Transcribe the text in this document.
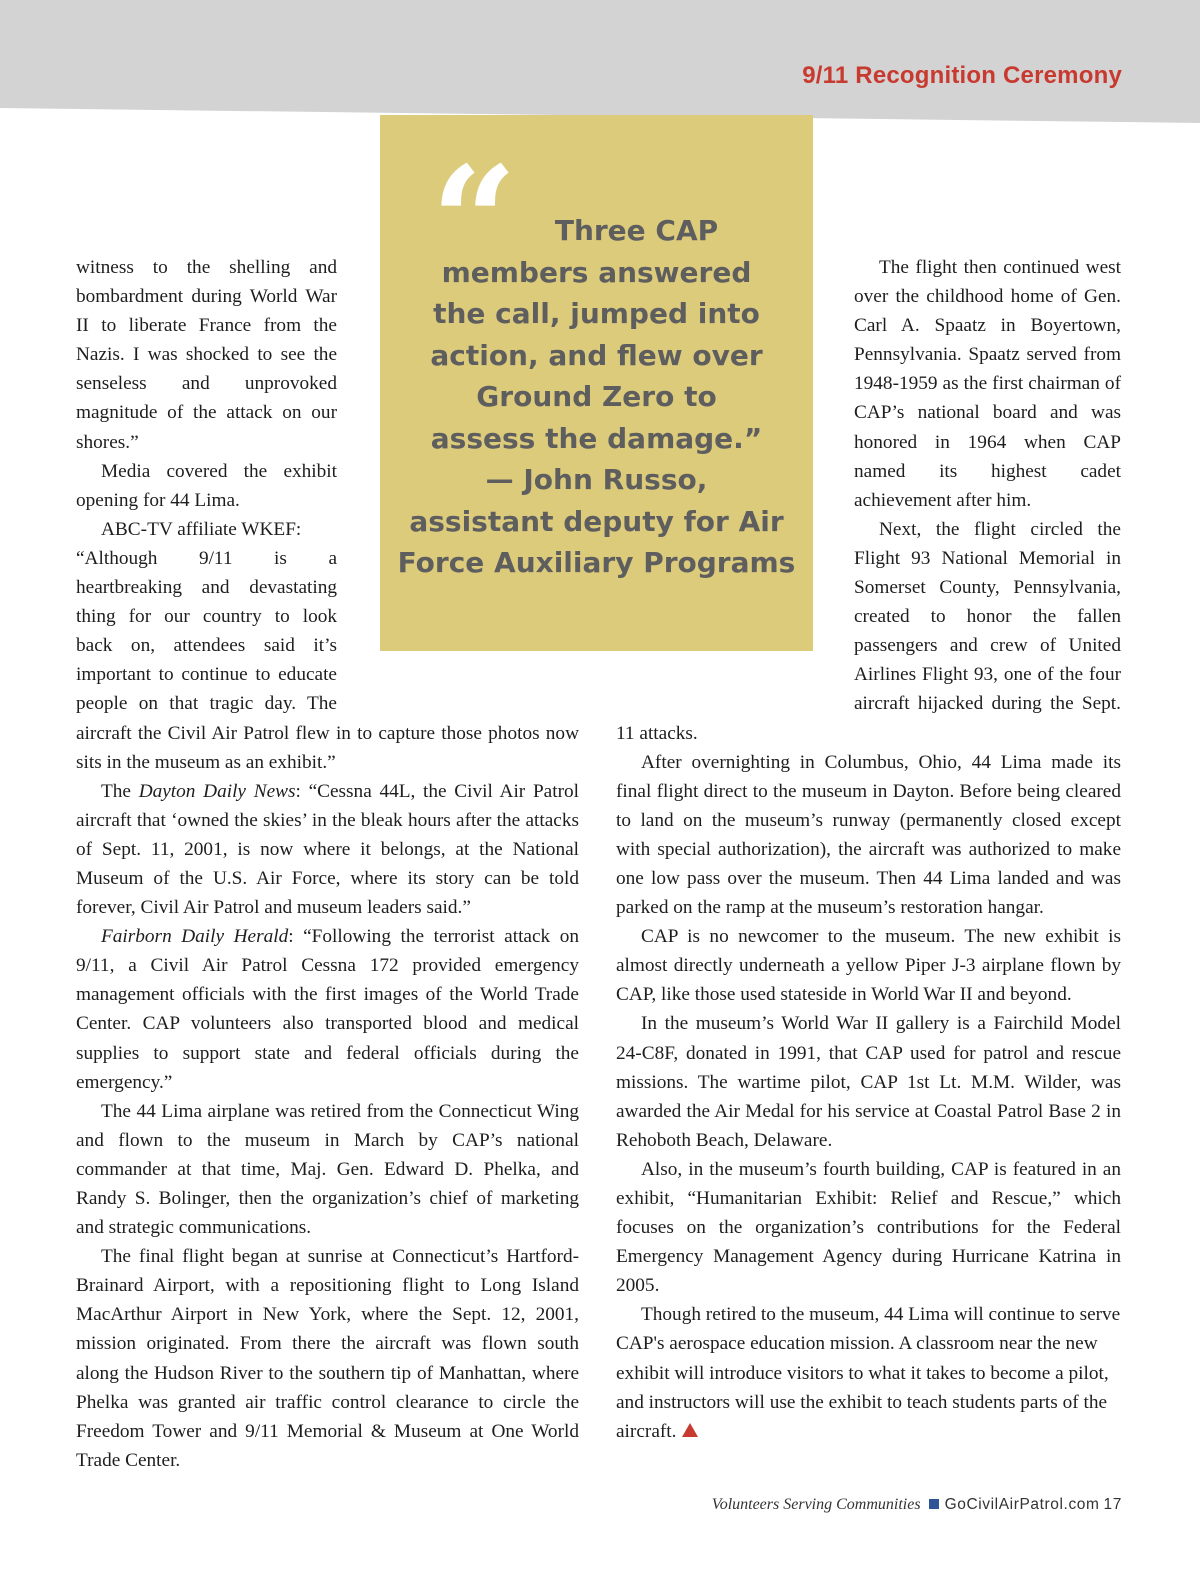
9/11 Recognition Ceremony
“	Three CAP
members answered
the call, jumped into
action, and flew over
Ground Zero to
assess the damage.”
— John Russo,
assistant deputy for Air
Force Auxiliary Programs

witness to the shelling and bombardment during World War II to liberate France from the Nazis. I was shocked to see the senseless and unprovoked magnitude of the attack on our shores.”

Media covered the exhibit opening for 44 Lima.

ABC-TV affiliate WKEF:

“Although 9/11 is a heartbreaking and devastating thing for our country to look back on, attendees said it’s important to continue to educate people on that tragic day. The aircraft the Civil Air Patrol flew in to capture those photos now sits in the museum as an exhibit.”

The Dayton Daily News: “Cessna 44L, the Civil Air Patrol aircraft that ‘owned the skies’ in the bleak hours after the attacks of Sept. 11, 2001, is now where it belongs, at the National Museum of the U.S. Air Force, where its story can be told forever, Civil Air Patrol and museum leaders said.”

Fairborn Daily Herald: “Following the terrorist attack on 9/11, a Civil Air Patrol Cessna 172 provided emergency management officials with the first images of the World Trade Center. CAP volunteers also transported blood and medical supplies to support state and federal officials during the emergency.”

The 44 Lima airplane was retired from the Connecticut Wing and flown to the museum in March by CAP’s national commander at that time, Maj. Gen. Edward D. Phelka, and Randy S. Bolinger, then the organization’s chief of marketing and strategic communications.

The final flight began at sunrise at Connecticut’s Hartford-Brainard Airport, with a repositioning flight to Long Island MacArthur Airport in New York, where the Sept. 12, 2001, mission originated. From there the aircraft was flown south along the Hudson River to the southern tip of Manhattan, where Phelka was granted air traffic control clearance to circle the Freedom Tower and 9/11 Memorial & Museum at One World Trade Center.

The flight then continued west over the childhood home of Gen. Carl A. Spaatz in Boyertown, Pennsylvania. Spaatz served from 1948-1959 as the first chairman of CAP’s national board and was honored in 1964 when CAP named its highest cadet achievement after him.

Next, the flight circled the Flight 93 National Memorial in Somerset County, Pennsylvania, created to honor the fallen passengers and crew of United Airlines Flight 93, one of the four aircraft hijacked during the Sept. 11 attacks.

After overnighting in Columbus, Ohio, 44 Lima made its final flight direct to the museum in Dayton. Before being cleared to land on the museum’s runway (permanently closed except with special authorization), the aircraft was authorized to make one low pass over the museum. Then 44 Lima landed and was parked on the ramp at the museum’s restoration hangar.

CAP is no newcomer to the museum. The new exhibit is almost directly underneath a yellow Piper J-3 airplane flown by CAP, like those used stateside in World War II and beyond.

In the museum’s World War II gallery is a Fairchild Model 24-C8F, donated in 1991, that CAP used for patrol and rescue missions. The wartime pilot, CAP 1st Lt. M.M. Wilder, was awarded the Air Medal for his service at Coastal Patrol Base 2 in Rehoboth Beach, Delaware.

Also, in the museum’s fourth building, CAP is featured in an exhibit, “Humanitarian Exhibit: Relief and Rescue,” which focuses on the organization’s contributions for the Federal Emergency Management Agency during Hurricane Katrina in 2005.

Though retired to the museum, 44 Lima will continue to serve CAP's aerospace education mission. A classroom near the new exhibit will introduce visitors to what it takes to become a pilot, and instructors will use the exhibit to teach students parts of the aircraft.

Volunteers Serving Communities GoCivilAirPatrol.com 17
